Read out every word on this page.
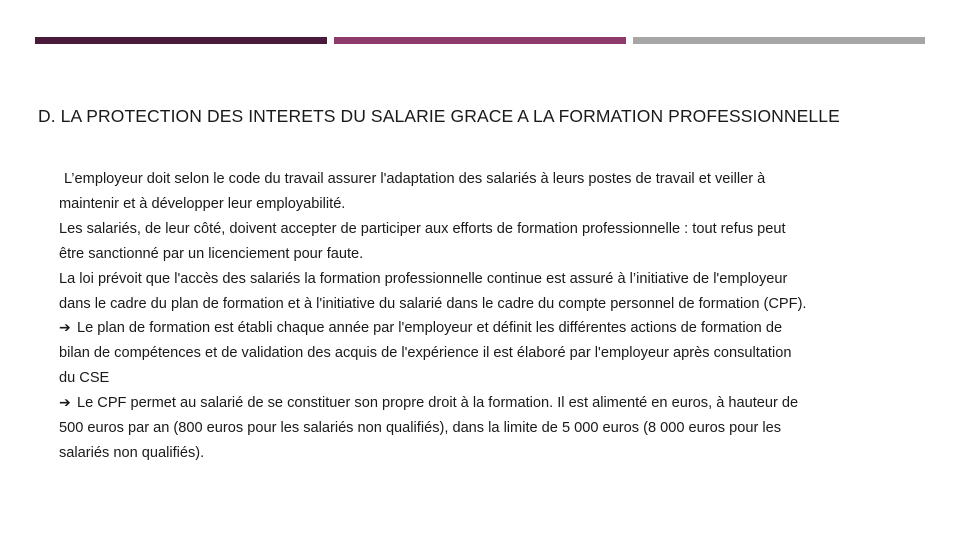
D. LA PROTECTION DES INTERETS DU SALARIE GRACE A LA FORMATION PROFESSIONNELLE
L’employeur doit selon le code du travail assurer l'adaptation des salariés à leurs postes de travail et veiller à
maintenir et à développer leur employabilité.
Les salariés, de leur côté, doivent accepter de participer aux efforts de formation professionnelle : tout refus peut
être sanctionné par un licenciement pour faute.
La loi prévoit que l'accès des salariés la formation professionnelle continue est assuré à l’initiative de l'employeur
dans le cadre du plan de formation et à l'initiative du salarié dans le cadre du compte personnel de formation (CPF).
➔ Le plan de formation est établi chaque année par l'employeur et définit les différentes actions de formation de
bilan de compétences et de validation des acquis de l'expérience il est élaboré par l'employeur après consultation
du CSE
➔ Le CPF permet au salarié de se constituer son propre droit à la formation. Il est alimenté en euros, à hauteur de
500 euros par an (800 euros pour les salariés non qualifiés), dans la limite de 5 000 euros (8 000 euros pour les
salariés non qualifiés).
